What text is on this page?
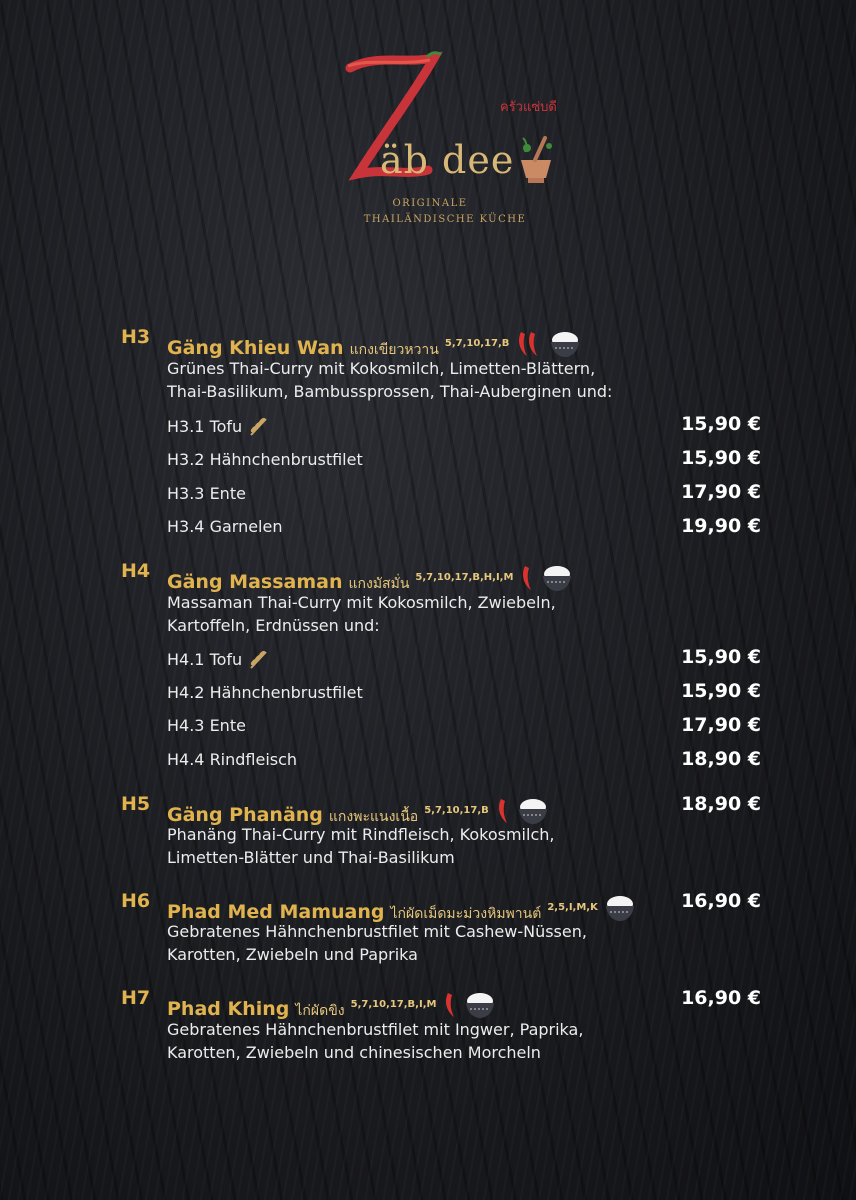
ครัวแซ่บดี
äb dee
ORIGINALE
THAILÄNDISCHE KÜCHE
H3 Gäng Khieu Wan แกงเขียวหวาน 5,7,10,17,B
Grünes Thai-Curry mit Kokosmilch, Limetten-Blättern,
Thai-Basilikum, Bambussprossen, Thai-Auberginen und:
H3.1 Tofu	15,90 €
H3.2 Hähnchenbrustfilet	15,90 €
H3.3 Ente	17,90 €
H3.4 Garnelen	19,90 €
H4 Gäng Massaman แกงมัสมั่น 5,7,10,17,B,H,I,M
Massaman Thai-Curry mit Kokosmilch, Zwiebeln,
Kartoffeln, Erdnüssen und:
H4.1 Tofu	15,90 €
H4.2 Hähnchenbrustfilet	15,90 €
H4.3 Ente	17,90 €
H4.4 Rindfleisch	18,90 €
H5 Gäng Phanäng แกงพะแนงเนื้อ 5,7,10,17,B	18,90 €
Phanäng Thai-Curry mit Rindfleisch, Kokosmilch,
Limetten-Blätter und Thai-Basilikum
H6 Phad Med Mamuang ไก่ผัดเม็ดมะม่วงหิมพานต์ 2,5,I,M,K	16,90 €
Gebratenes Hähnchenbrustfilet mit Cashew-Nüssen,
Karotten, Zwiebeln und Paprika
H7 Phad Khing ไก่ผัดขิง 5,7,10,17,B,I,M	16,90 €
Gebratenes Hähnchenbrustfilet mit Ingwer, Paprika,
Karotten, Zwiebeln und chinesischen Morcheln
